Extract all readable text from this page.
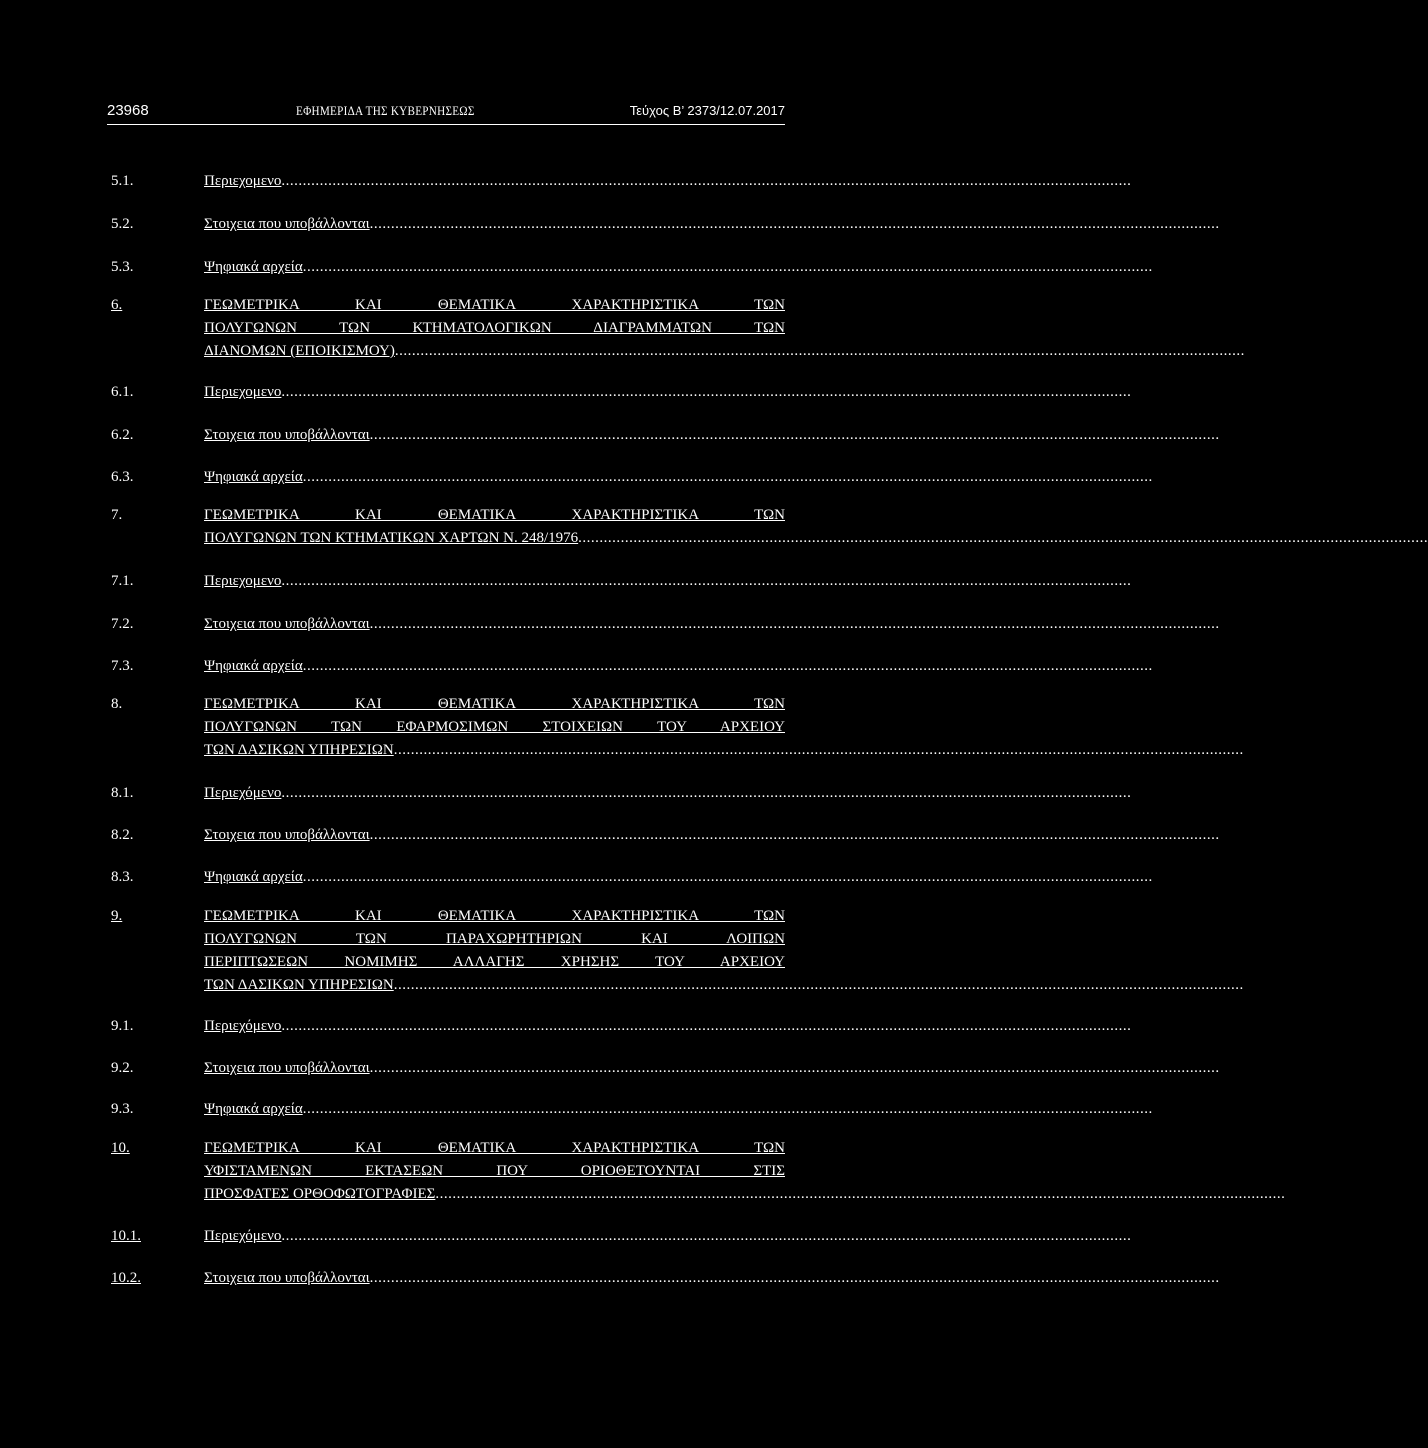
23968	ΕΦΗΜΕΡΙΔΑ ΤΗΣ ΚΥΒΕΡΝΗΣΕΩΣ	Τεύχος Β’ 2373/12.07.2017
5.1.	Περιεχομενο ........................................................................................................................................................................................................
5.2.	Στοιχεια που υποβάλλονται ........................................................................................................................................................................................................
5.3.	Ψηφιακά αρχεία ........................................................................................................................................................................................................
6.	ΓΕΩΜΕΤΡΙΚΑ ΚΑΙ ΘΕΜΑΤΙΚΑ ΧΑΡΑΚΤΗΡΙΣΤΙΚΑ ΤΩΝ
ΠΟΛΥΓΩΝΩΝ ΤΩΝ ΚΤΗΜΑΤΟΛΟΓΙΚΩΝ ΔΙΑΓΡΑΜΜΑΤΩΝ ΤΩΝ
ΔΙΑΝΟΜΩΝ (ΕΠΟΙΚΙΣΜΟΥ) ........................................................................................................................................................................................................
6.1.	Περιεχομενο ........................................................................................................................................................................................................
6.2.	Στοιχεια που υποβάλλονται ........................................................................................................................................................................................................
6.3.	Ψηφιακά αρχεία ........................................................................................................................................................................................................
7.	ΓΕΩΜΕΤΡΙΚΑ ΚΑΙ ΘΕΜΑΤΙΚΑ ΧΑΡΑΚΤΗΡΙΣΤΙΚΑ ΤΩΝ
ΠΟΛΥΓΩΝΩΝ ΤΩΝ ΚΤΗΜΑΤΙΚΩΝ ΧΑΡΤΩΝ Ν. 248/1976 ........................................................................................................................................................................................................
7.1.	Περιεχομενο ........................................................................................................................................................................................................
7.2.	Στοιχεια που υποβάλλονται ........................................................................................................................................................................................................
7.3.	Ψηφιακά αρχεία ........................................................................................................................................................................................................
8.	ΓΕΩΜΕΤΡΙΚΑ ΚΑΙ ΘΕΜΑΤΙΚΑ ΧΑΡΑΚΤΗΡΙΣΤΙΚΑ ΤΩΝ
ΠΟΛΥΓΩΝΩΝ ΤΩΝ ΕΦΑΡΜΟΣΙΜΩΝ ΣΤΟΙΧΕΙΩΝ ΤΟΥ ΑΡΧΕΙΟΥ
ΤΩΝ ΔΑΣΙΚΩΝ ΥΠΗΡΕΣΙΩΝ ........................................................................................................................................................................................................
8.1.	Περιεχόμενο ........................................................................................................................................................................................................
8.2.	Στοιχεια που υποβάλλονται ........................................................................................................................................................................................................
8.3.	Ψηφιακά αρχεία ........................................................................................................................................................................................................
9.	ΓΕΩΜΕΤΡΙΚΑ ΚΑΙ ΘΕΜΑΤΙΚΑ ΧΑΡΑΚΤΗΡΙΣΤΙΚΑ ΤΩΝ
ΠΟΛΥΓΩΝΩΝ ΤΩΝ ΠΑΡΑΧΩΡΗΤΗΡΙΩΝ ΚΑΙ ΛΟΙΠΩΝ
ΠΕΡΙΠΤΩΣΕΩΝ ΝΟΜΙΜΗΣ ΑΛΛΑΓΗΣ ΧΡΗΣΗΣ ΤΟΥ ΑΡΧΕΙΟΥ
ΤΩΝ ΔΑΣΙΚΩΝ ΥΠΗΡΕΣΙΩΝ ........................................................................................................................................................................................................
9.1.	Περιεχόμενο ........................................................................................................................................................................................................
9.2.	Στοιχεια που υποβάλλονται ........................................................................................................................................................................................................
9.3.	Ψηφιακά αρχεία ........................................................................................................................................................................................................
10.	ΓΕΩΜΕΤΡΙΚΑ ΚΑΙ ΘΕΜΑΤΙΚΑ ΧΑΡΑΚΤΗΡΙΣΤΙΚΑ ΤΩΝ
ΥΦΙΣΤΑΜΕΝΩΝ ΕΚΤΑΣΕΩΝ ΠΟΥ ΟΡΙΟΘΕΤΟΥΝΤΑΙ ΣΤΙΣ
ΠΡΟΣΦΑΤΕΣ ΟΡΘΟΦΩΤΟΓΡΑΦΙΕΣ ........................................................................................................................................................................................................
10.1.	Περιεχόμενο ........................................................................................................................................................................................................
10.2.	Στοιχεια που υποβάλλονται ........................................................................................................................................................................................................
